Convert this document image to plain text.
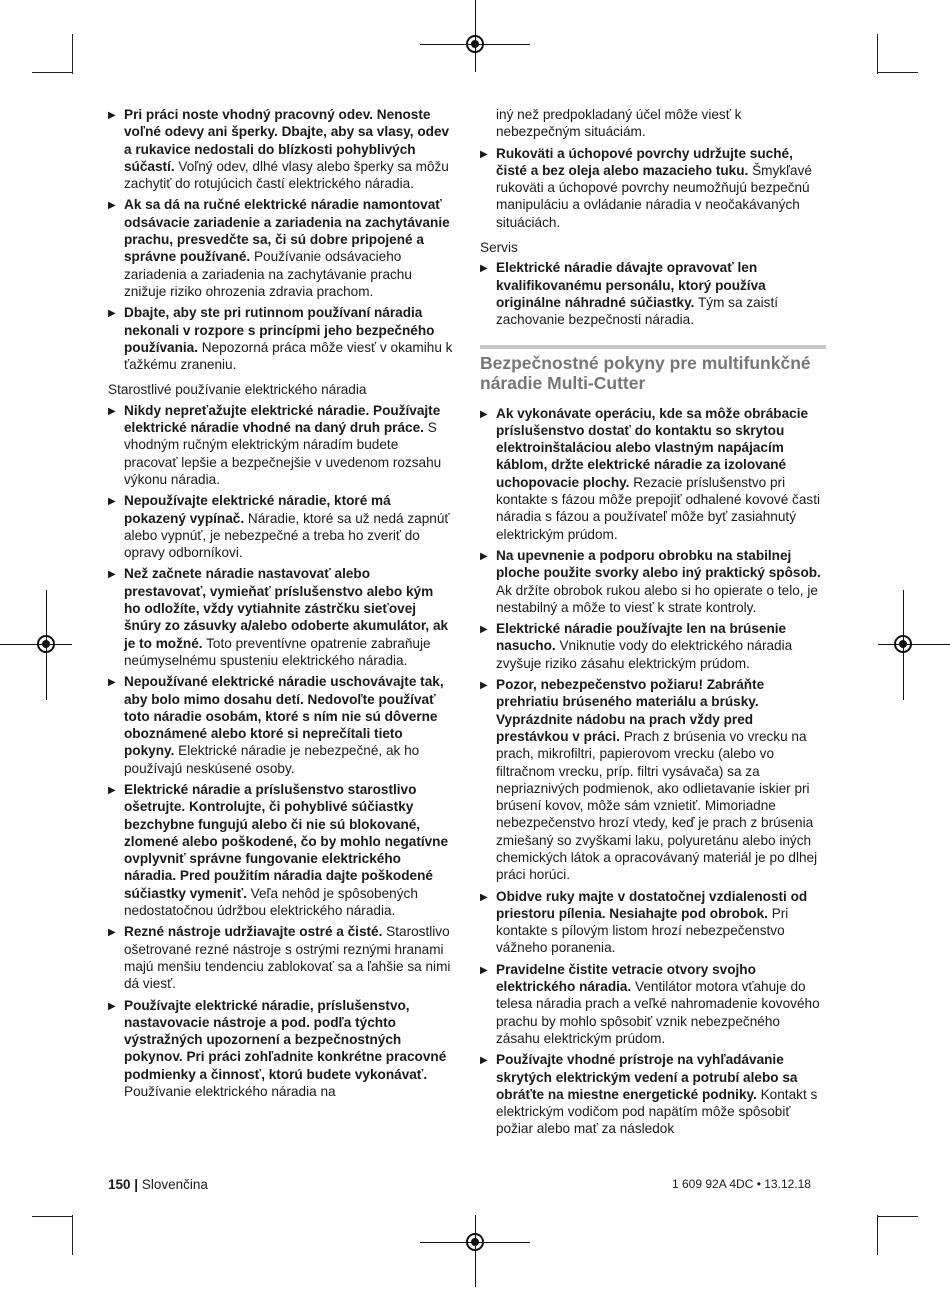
▶ Pri práci noste vhodný pracovný odev. Nenoste voľné odevy ani šperky. Dbajte, aby sa vlasy, odev a rukavice nedostali do blízkosti pohyblivých súčastí. Voľný odev, dlhé vlasy alebo šperky sa môžu zachytiť do rotujúcich častí elektrického náradia.
▶ Ak sa dá na ručné elektrické náradie namontovať odsávacie zariadenie a zariadenia na zachytávanie prachu, presvedčte sa, či sú dobre pripojené a správne používané. Používanie odsávacieho zariadenia a zariadenia na zachytávanie prachu znižuje riziko ohrozenia zdravia prachom.
▶ Dbajte, aby ste pri rutinnom používaní náradia nekonali v rozpore s princípmi jeho bezpečného používania. Nepozorná práca môže viesť v okamihu k ťažkému zraneniu.
Starostlivé používanie elektrického náradia
▶ Nikdy nepreťažujte elektrické náradie. Používajte elektrické náradie vhodné na daný druh práce. S vhodným ručným elektrickým náradím budete pracovať lepšie a bezpečnejšie v uvedenom rozsahu výkonu náradia.
▶ Nepoužívajte elektrické náradie, ktoré má pokazený vypínač. Náradie, ktoré sa už nedá zapnúť alebo vypnúť, je nebezpečné a treba ho zveriť do opravy odborníkovi.
▶ Než začnete náradie nastavovať alebo prestavovať, vymieňať príslušenstvo alebo kým ho odložíte, vždy vytiahnite zástrčku sieťovej šnúry zo zásuvky a/alebo odoberte akumulátor, ak je to možné. Toto preventívne opatrenie zabraňuje neúmyselnému spusteniu elektrického náradia.
▶ Nepoužívané elektrické náradie uschovávajte tak, aby bolo mimo dosahu detí. Nedovoľte používať toto náradie osobám, ktoré s ním nie sú dôverne oboznámené alebo ktoré si neprečítali tieto pokyny. Elektrické náradie je nebezpečné, ak ho používajú neskúsené osoby.
▶ Elektrické náradie a príslušenstvo starostlivo ošetrujte. Kontrolujte, či pohyblivé súčiastky bezchybne fungujú alebo či nie sú blokované, zlomené alebo poškodené, čo by mohlo negatívne ovplyvniť správne fungovanie elektrického náradia. Pred použitím náradia dajte poškodené súčiastky vymeniť. Veľa nehôd je spôsobených nedostatočnou údržbou elektrického náradia.
▶ Rezné nástroje udržiavajte ostré a čisté. Starostlivo ošetrované rezné nástroje s ostrými reznými hranami majú menšiu tendenciu zablokovať sa a ľahšie sa nimi dá viesť.
▶ Používajte elektrické náradie, príslušenstvo, nastavovacie nástroje a pod. podľa týchto výstražných upozornení a bezpečnostných pokynov. Pri práci zohľadnite konkrétne pracovné podmienky a činnosť, ktorú budete vykonávať. Používanie elektrického náradia na
iný než predpokladaný účel môže viesť k nebezpečným situáciám.
▶ Rukoväti a úchopové povrchy udržujte suché, čisté a bez oleja alebo mazacieho tuku. Šmykľavé rukoväti a úchopové povrchy neumožňujú bezpečnú manipuláciu a ovládanie náradia v neočakávaných situáciách.
Servis
▶ Elektrické náradie dávajte opravovať len kvalifikovanému personálu, ktorý používa originálne náhradné súčiastky. Tým sa zaistí zachovanie bezpečnosti náradia.
Bezpečnostné pokyny pre multifunkčné náradie Multi-Cutter
▶ Ak vykonávate operáciu, kde sa môže obrábacie príslušenstvo dostať do kontaktu so skrytou elektroinštaláciou alebo vlastným napájacím káblom, držte elektrické náradie za izolované uchopovacie plochy. Rezacie príslušenstvo pri kontakte s fázou môže prepojiť odhalené kovové časti náradia s fázou a používateľ môže byť zasiahnutý elektrickým prúdom.
▶ Na upevnenie a podporu obrobku na stabilnej ploche použite svorky alebo iný praktický spôsob. Ak držíte obrobok rukou alebo si ho opierate o telo, je nestabilný a môže to viesť k strate kontroly.
▶ Elektrické náradie používajte len na brúsenie nasucho. Vniknutie vody do elektrického náradia zvyšuje riziko zásahu elektrickým prúdom.
▶ Pozor, nebezpečenstvo požiaru! Zabráňte prehriatiu brúseného materiálu a brúsky. Vyprázdnite nádobu na prach vždy pred prestávkou v práci. Prach z brúsenia vo vrecku na prach, mikrofiltri, papierovom vrecku (alebo vo filtračnom vrecku, príp. filtri vysávača) sa za nepriaznivých podmienok, ako odlietavanie iskier pri brúsení kovov, môže sám vznietiť. Mimoriadne nebezpečenstvo hrozí vtedy, keď je prach z brúsenia zmiešaný so zvyškami laku, polyuretánu alebo iných chemických látok a opracovávaný materiál je po dlhej práci horúci.
▶ Obidve ruky majte v dostatočnej vzdialenosti od priestoru pílenia. Nesiahajte pod obrobok. Pri kontakte s pílovým listom hrozí nebezpečenstvo vážneho poranenia.
▶ Pravidelne čistite vetracie otvory svojho elektrického náradia. Ventilátor motora vťahuje do telesa náradia prach a veľké nahromadenie kovového prachu by mohlo spôsobiť vznik nebezpečného zásahu elektrickým prúdom.
▶ Používajte vhodné prístroje na vyhľadávanie skrytých elektrickým vedení a potrubí alebo sa obráťte na miestne energetické podniky. Kontakt s elektrickým vodičom pod napätím môže spôsobiť požiar alebo mať za následok
150 | Slovenčina	1 609 92A 4DC • 13.12.18
